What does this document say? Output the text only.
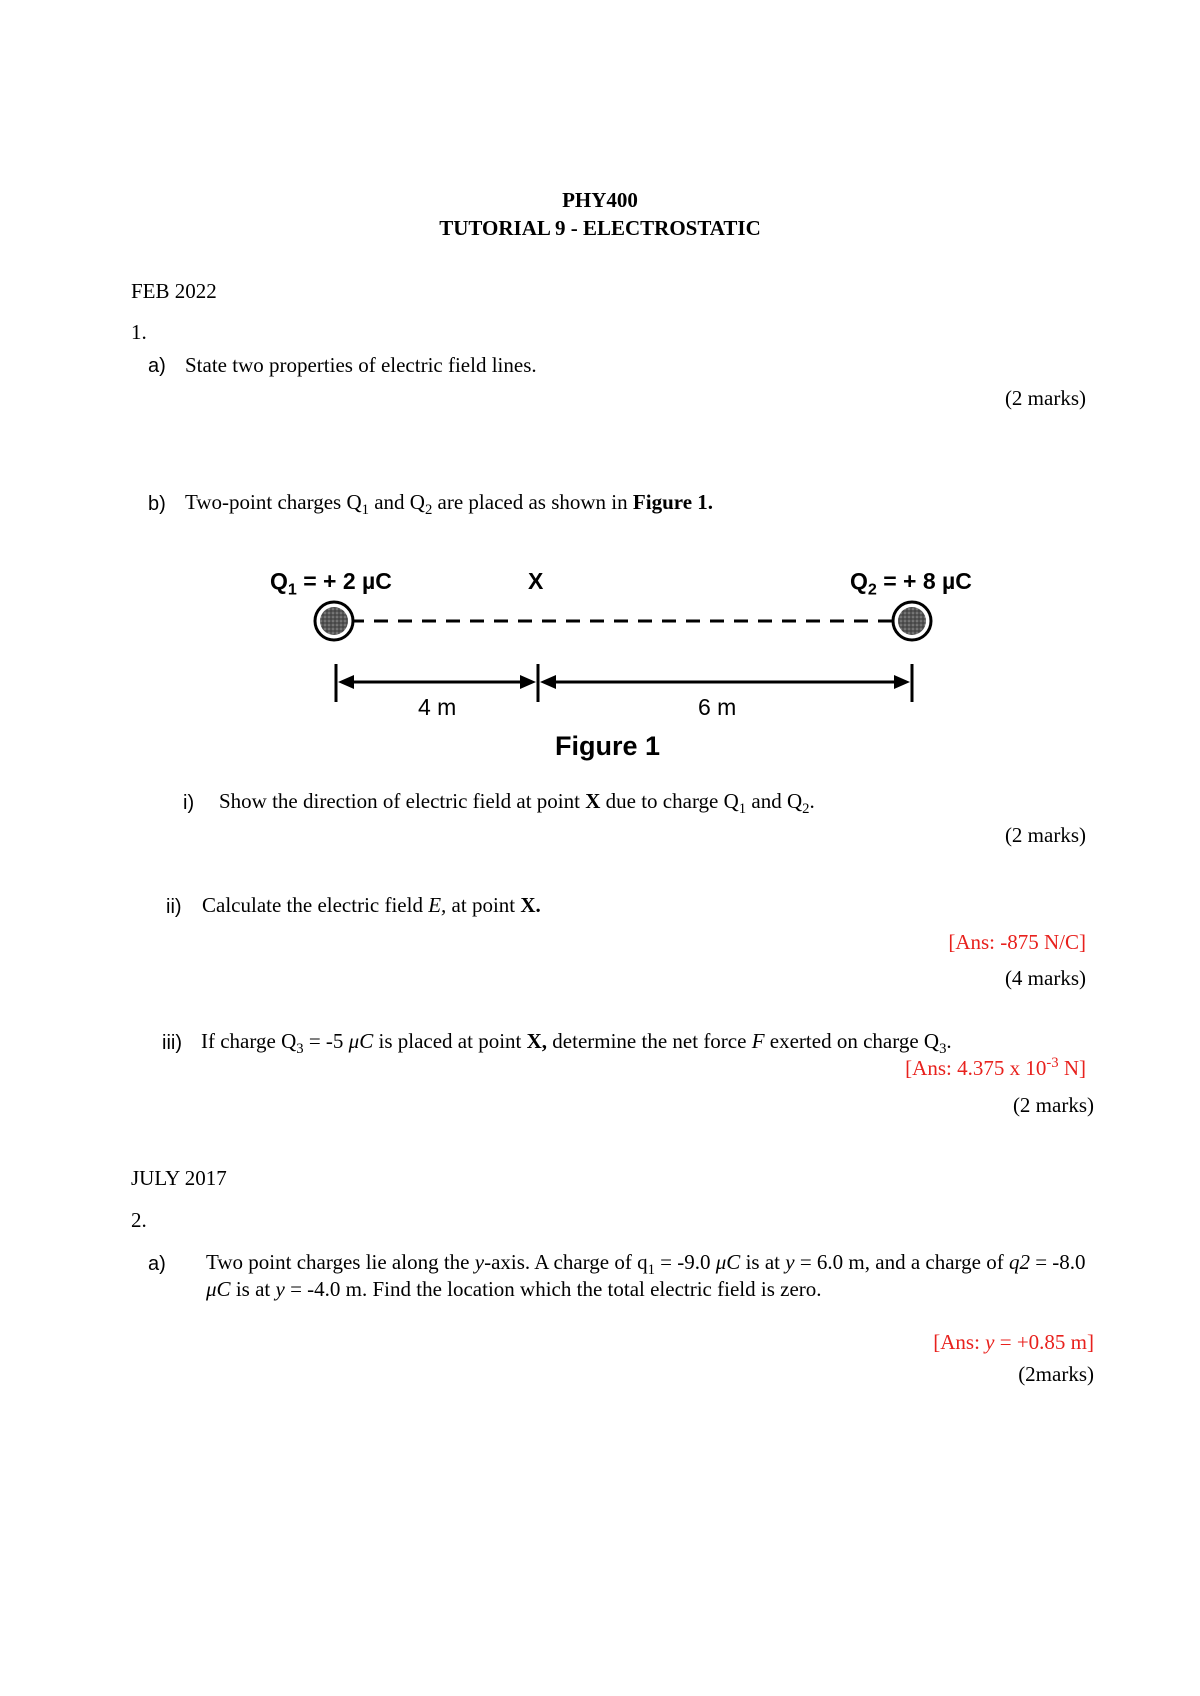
PHY400
TUTORIAL 9 - ELECTROSTATIC
FEB 2022
1.
a) State two properties of electric field lines.
(2 marks)
b) Two-point charges $Q_1$ and $Q_2$ are placed as shown in Figure 1.
$Q_1$ = + 2 µC	X	$Q_2$ = + 8 µC
4 m	6 m
Figure 1
i) Show the direction of electric field at point X due to charge $Q_1$ and $Q_2$.
(2 marks)
ii) Calculate the electric field E, at point X.
[Ans: -875 N/C]
(4 marks)
iii) If charge $Q_3 = -5$ μC is placed at point X, determine the net force F exerted on charge $Q_3$.
[Ans: 4.375 x $10^{-3}$ N]
(2 marks)
JULY 2017
2.
a) Two point charges lie along the y-axis. A charge of $q_1 = -9.0$ μC is at y = 6.0 m, and a charge of q2 = -8.0 μC is at y = -4.0 m. Find the location which the total electric field is zero.
[Ans: y = +0.85 m]
(2marks)
